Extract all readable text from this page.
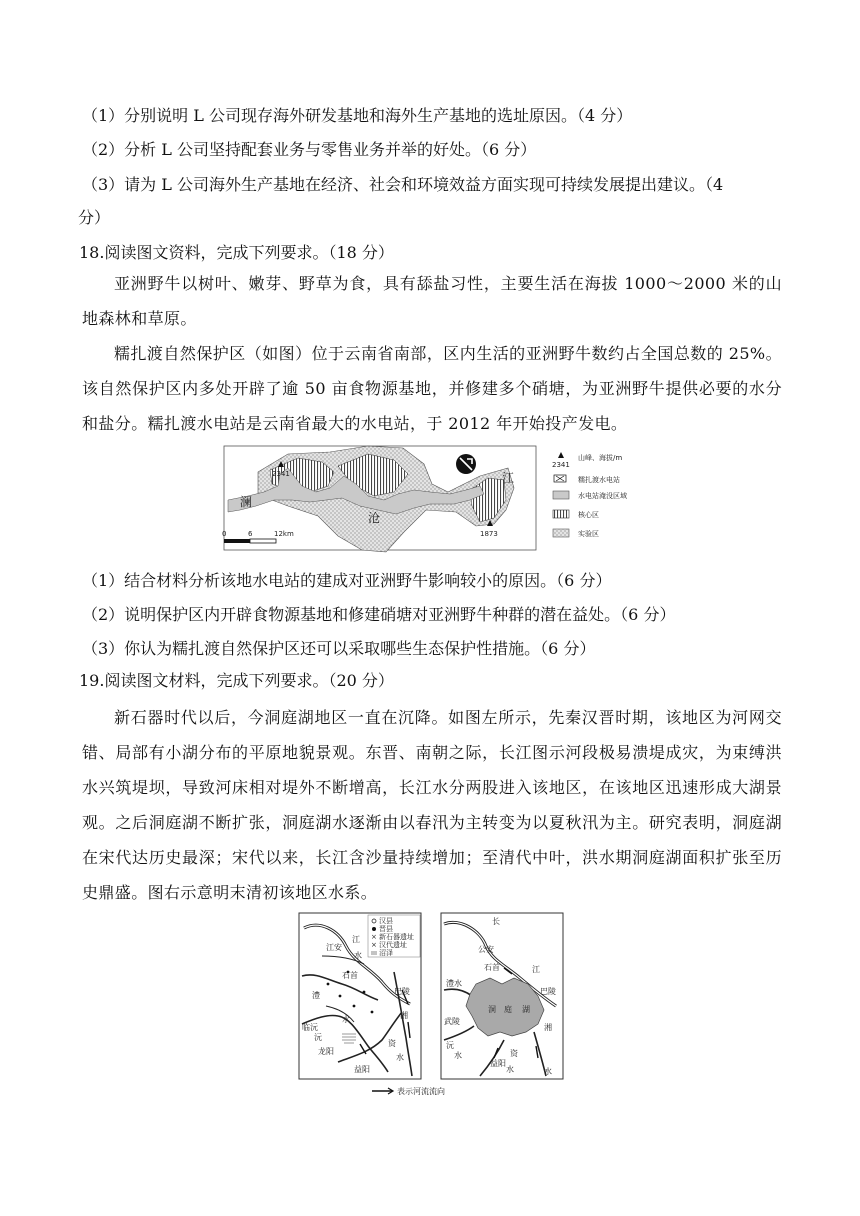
（1）分别说明 L 公司现存海外研发基地和海外生产基地的选址原因。（4 分）
（2）分析 L 公司坚持配套业务与零售业务并举的好处。（6 分）
（3）请为 L 公司海外生产基地在经济、社会和环境效益方面实现可持续发展提出建议。（4
分）
18.阅读图文资料，完成下列要求。（18 分）
亚洲野牛以树叶、嫩芽、野草为食，具有舔盐习性，主要生活在海拔 1000～2000 米的山地森林和草原。
糯扎渡自然保护区（如图）位于云南省南部，区内生活的亚洲野牛数约占全国总数的 25%。该自然保护区内多处开辟了逾 50 亩食物源基地，并修建多个硝塘，为亚洲野牛提供必要的水分和盐分。糯扎渡水电站是云南省最大的水电站，于 2012 年开始投产发电。
2341
1873
澜
沧
江
0	6	12km
2341
山峰、海拔/m
糯扎渡水电站
水电站淹没区域
核心区
实验区
（1）结合材料分析该地水电站的建成对亚洲野牛影响较小的原因。（6 分）
（2）说明保护区内开辟食物源基地和修建硝塘对亚洲野牛种群的潜在益处。（6 分）
（3）你认为糯扎渡自然保护区还可以采取哪些生态保护性措施。（6 分）
19.阅读图文材料，完成下列要求。（20 分）
新石器时代以后，今洞庭湖地区一直在沉降。如图左所示，先秦汉晋时期，该地区为河网交错、局部有小湖分布的平原地貌景观。东晋、南朝之际，长江图示河段极易溃堤成灾，为束缚洪水兴筑堤坝，导致河床相对堤外不断增高，长江水分两股进入该地区，在该地区迅速形成大湖景观。之后洞庭湖不断扩张，洞庭湖水逐渐由以春汛为主转变为以夏秋汛为主。研究表明，洞庭湖在宋代达历史最深；宋代以来，长江含沙量持续增加；至清代中叶，洪水期洞庭湖面积扩张至历史鼎盛。图右示意明末清初该地区水系。
汉县
晋县
× 新石器遗址
× 汉代遗址
沼泽
江
江安
水
石首
澧	巴陵
临沅
沅
龙阳
益阳
湘
资
水
水
长
公安
江
石首
澧水
巴陵
洞 庭 湖
武陵
沅
水
益阳
资
水
湘
水
表示河流流向
